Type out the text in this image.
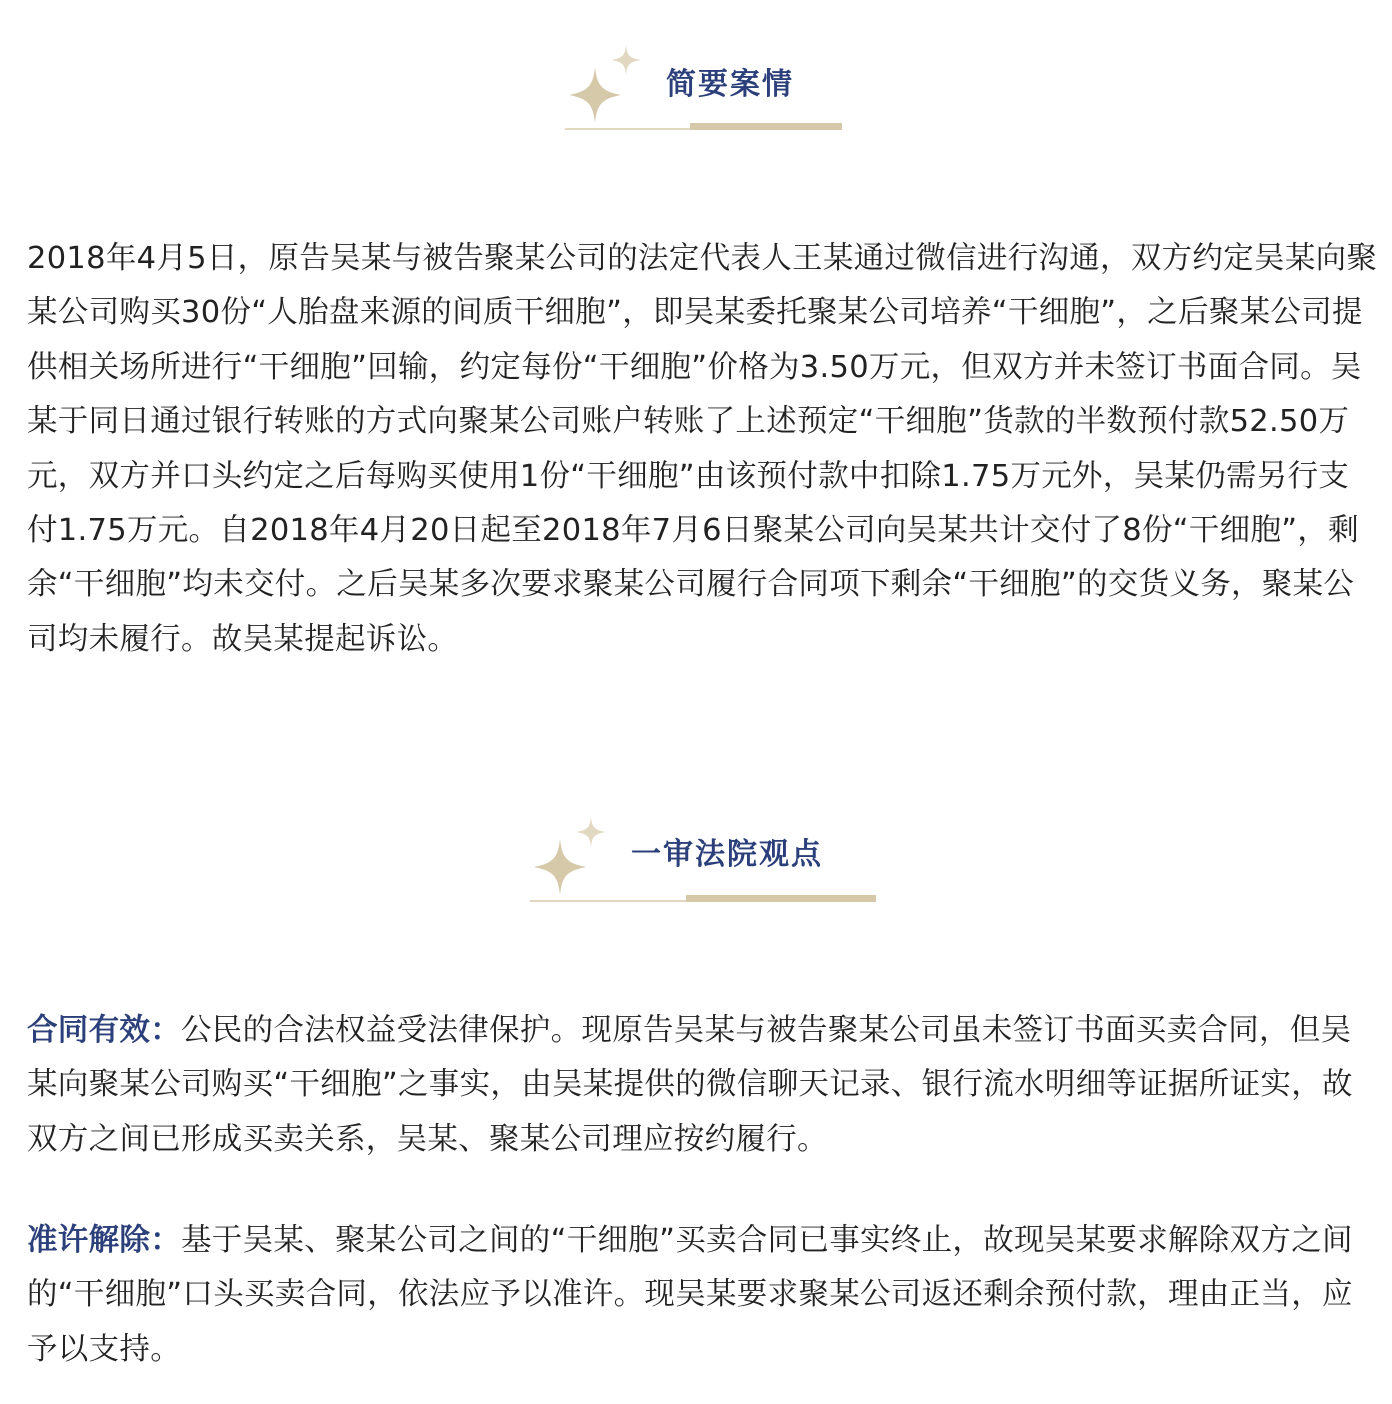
简要案情

2018年4月5日，原告吴某与被告聚某公司的法定代表人王某通过微信进行沟通，双方约定吴某向聚某公司购买30份“人胎盘来源的间质干细胞”，即吴某委托聚某公司培养“干细胞”，之后聚某公司提供相关场所进行“干细胞”回输，约定每份“干细胞”价格为3.50万元，但双方并未签订书面合同。吴某于同日通过银行转账的方式向聚某公司账户转账了上述预定“干细胞”货款的半数预付款52.50万元，双方并口头约定之后每购买使用1份“干细胞”由该预付款中扣除1.75万元外，吴某仍需另行支付1.75万元。自2018年4月20日起至2018年7月6日聚某公司向吴某共计交付了8份“干细胞”，剩余“干细胞”均未交付。之后吴某多次要求聚某公司履行合同项下剩余“干细胞”的交货义务，聚某公司均未履行。故吴某提起诉讼。

一审法院观点

合同有效：公民的合法权益受法律保护。现原告吴某与被告聚某公司虽未签订书面买卖合同，但吴某向聚某公司购买“干细胞”之事实，由吴某提供的微信聊天记录、银行流水明细等证据所证实，故双方之间已形成买卖关系，吴某、聚某公司理应按约履行。

准许解除：基于吴某、聚某公司之间的“干细胞”买卖合同已事实终止，故现吴某要求解除双方之间的“干细胞”口头买卖合同，依法应予以准许。现吴某要求聚某公司返还剩余预付款，理由正当，应予以支持。
